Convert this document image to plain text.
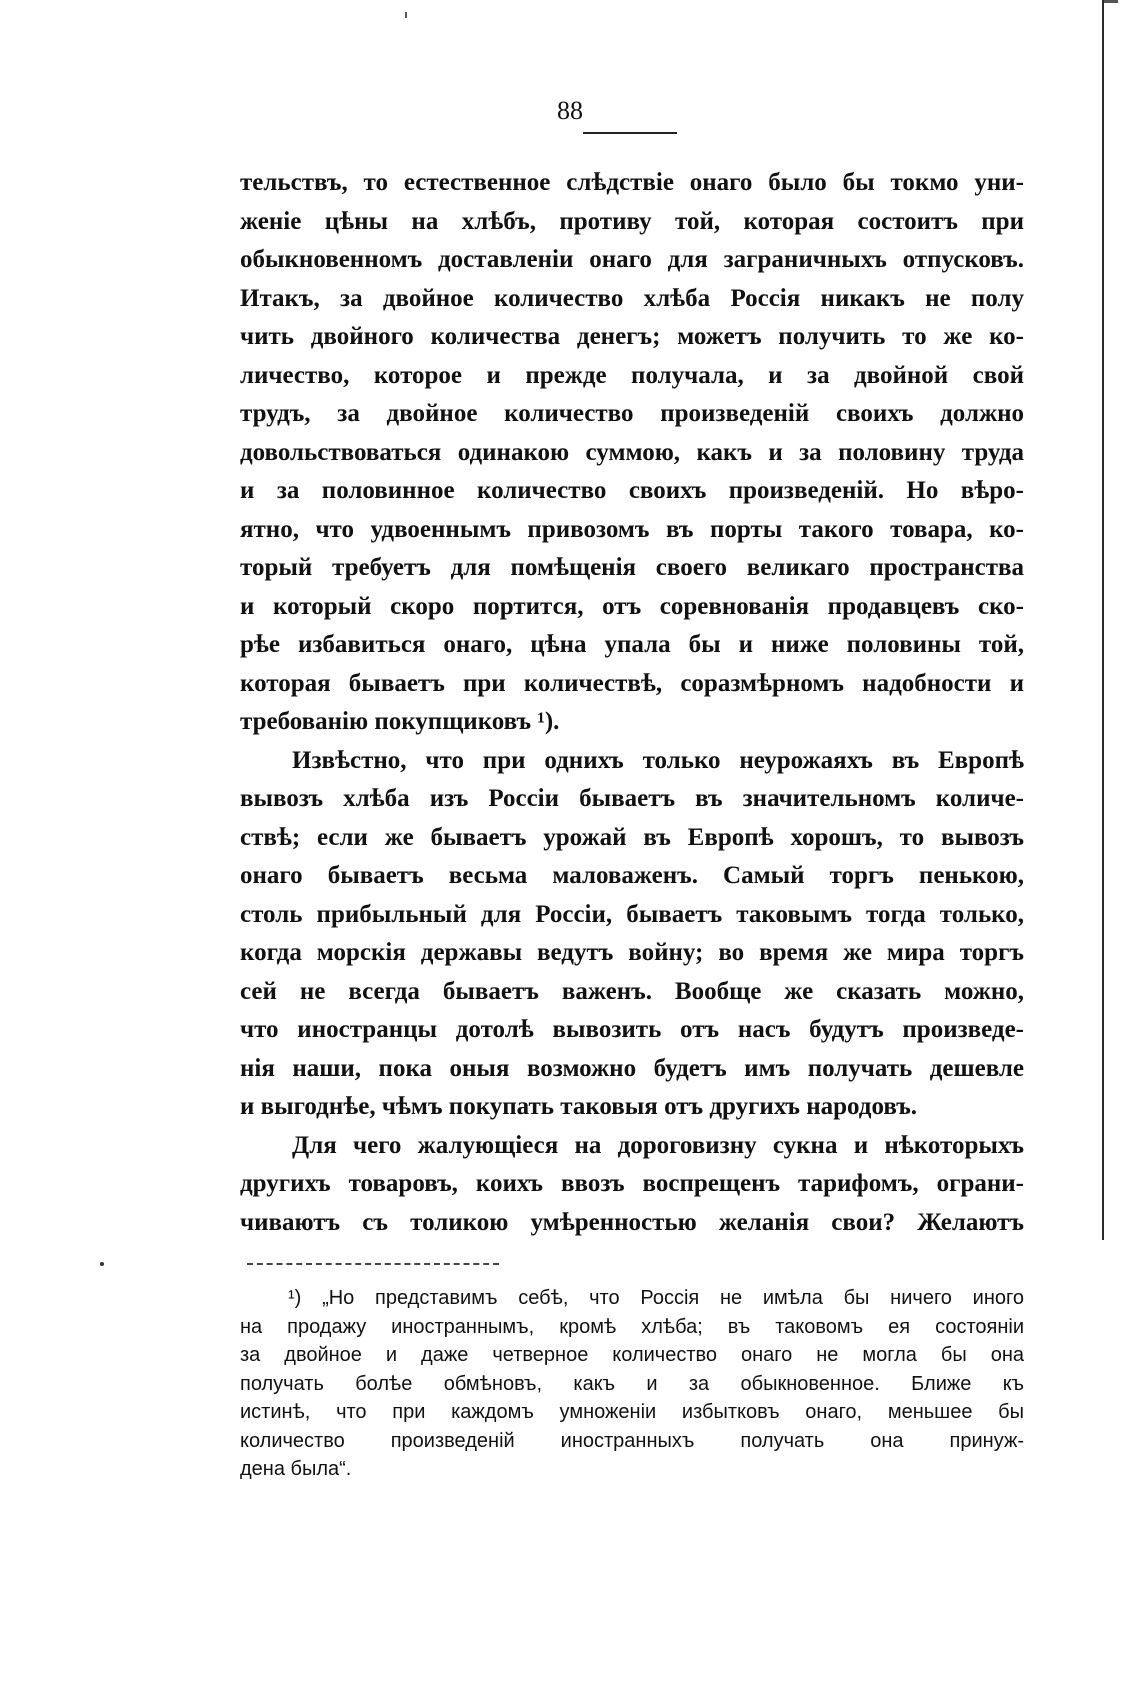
88
тельствъ, то естественное слѣдствіе онаго было бы токмо уни-
женіе цѣны на хлѣбъ, противу той, которая состоитъ при
обыкновенномъ доставленіи онаго для заграничныхъ отпусковъ.
Итакъ, за двойное количество хлѣба Россія никакъ не полу
чить двойного количества денегъ; можетъ получить то же ко-
личество, которое и прежде получала, и за двойной свой
трудъ, за двойное количество произведеній своихъ должно
довольствоваться одинакою суммою, какъ и за половину труда
и за половинное количество своихъ произведеній. Но вѣро-
ятно, что удвоеннымъ привозомъ въ порты такого товара, ко-
торый требуетъ для помѣщенія своего великаго пространства
и который скоро портится, отъ соревнованія продавцевъ ско-
рѣе избавиться онаго, цѣна упала бы и ниже половины той,
которая бываетъ при количествѣ, соразмѣрномъ надобности и
требованію покупщиковъ ¹).
Извѣстно, что при однихъ только неурожаяхъ въ Европѣ
вывозъ хлѣба изъ Россіи бываетъ въ значительномъ количе-
ствѣ; если же бываетъ урожай въ Европѣ хорошъ, то вывозъ
онаго бываетъ весьма маловаженъ. Самый торгъ пенькою,
столь прибыльный для Россіи, бываетъ таковымъ тогда только,
когда морскія державы ведутъ войну; во время же мира торгъ
сей не всегда бываетъ важенъ. Вообще же сказать можно,
что иностранцы дотолѣ вывозить отъ насъ будутъ произведе-
нія наши, пока оныя возможно будетъ имъ получать дешевле
и выгоднѣе, чѣмъ покупать таковыя отъ другихъ народовъ.
Для чего жалующіеся на дороговизну сукна и нѣкоторыхъ
другихъ товаровъ, коихъ ввозъ воспрещенъ тарифомъ, ограни-
чиваютъ съ толикою умѣренностью желанія свои? Желаютъ
¹) „Но представимъ себѣ, что Россія не имѣла бы ничего иного
на продажу иностраннымъ, кромѣ хлѣба; въ таковомъ ея состояніи
за двойное и даже четверное количество онаго не могла бы она
получать болѣе обмѣновъ, какъ и за обыкновенное. Ближе къ
истинѣ, что при каждомъ умноженіи избытковъ онаго, меньшее бы
количество произведеній иностранныхъ получать она принуж-
дена была“.
